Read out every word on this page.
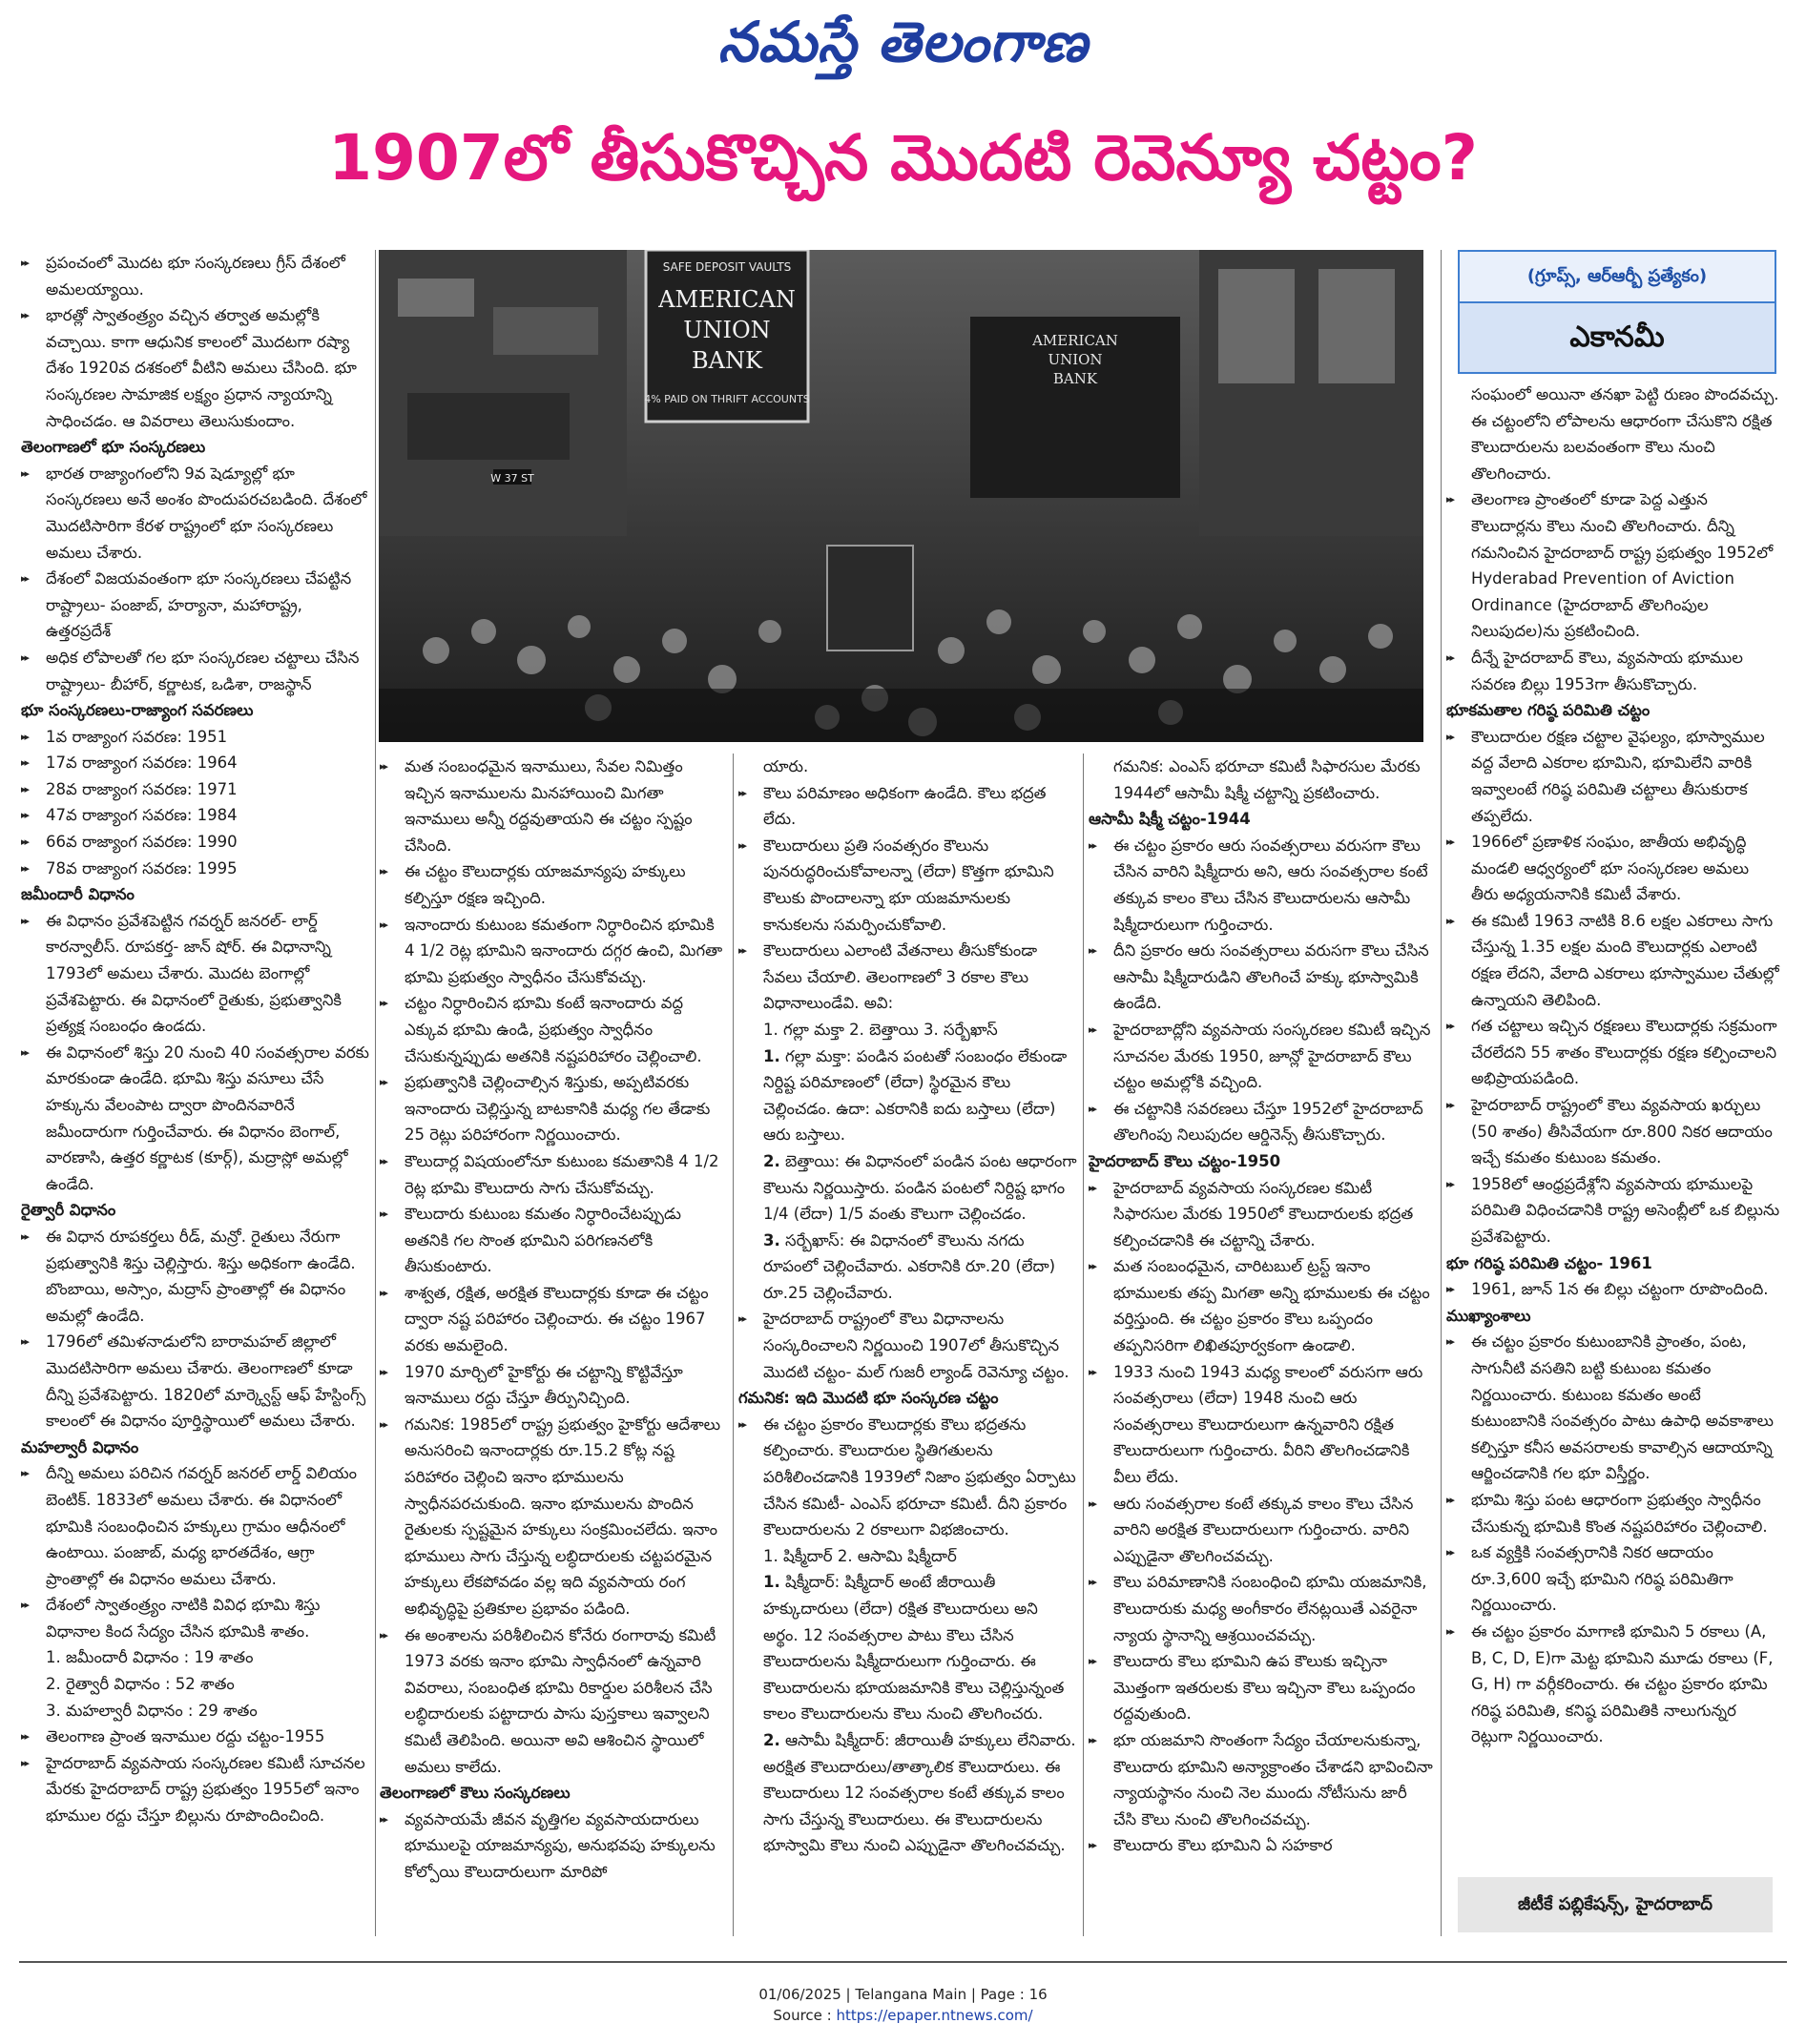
నమస్తే తెలంగాణ
1907లో తీసుకొచ్చిన మొదటి రెవెన్యూ చట్టం?
SAFE DEPOSIT VAULTS
AMERICAN
UNION
BANK
4% PAID ON THRIFT ACCOUNTS
AMERICAN
UNION
BANK
W 37 ST
(గ్రూప్స్, ఆర్ఆర్బీ ప్రత్యేకం)
ఎకానమీ

▸▸ ప్రపంచంలో మొదట భూ సంస్కరణలు గ్రీస్ దేశంలో అమలయ్యాయి.

▸▸ భారత్లో స్వాతంత్ర్యం వచ్చిన తర్వాత అమల్లోకి వచ్చాయి. కాగా ఆధునిక కాలంలో మొదటగా రష్యా దేశం 1920వ దశకంలో వీటిని అమలు చేసింది. భూ సంస్కరణల సామాజిక లక్ష్యం ప్రధాన న్యాయాన్ని సాధించడం. ఆ వివరాలు తెలుసుకుందాం.

తెలంగాణలో భూ సంస్కరణలు

▸▸ భారత రాజ్యాంగంలోని 9వ షెడ్యూల్లో భూ సంస్కరణలు అనే అంశం పొందుపరచబడింది. దేశంలో మొదటిసారిగా కేరళ రాష్ట్రంలో భూ సంస్కరణలు అమలు చేశారు.

▸▸ దేశంలో విజయవంతంగా భూ సంస్కరణలు చేపట్టిన రాష్ట్రాలు- పంజాబ్, హర్యానా, మహారాష్ట్ర, ఉత్తరప్రదేశ్

▸▸ అధిక లోపాలతో గల భూ సంస్కరణల చట్టాలు చేసిన రాష్ట్రాలు- బీహార్, కర్ణాటక, ఒడిశా, రాజస్థాన్

భూ సంస్కరణలు-రాజ్యాంగ సవరణలు

▸▸ 1వ రాజ్యాంగ సవరణ: 1951

▸▸ 17వ రాజ్యాంగ సవరణ: 1964

▸▸ 28వ రాజ్యాంగ సవరణ: 1971

▸▸ 47వ రాజ్యాంగ సవరణ: 1984

▸▸ 66వ రాజ్యాంగ సవరణ: 1990

▸▸ 78వ రాజ్యాంగ సవరణ: 1995

జమీందారీ విధానం

▸▸ ఈ విధానం ప్రవేశపెట్టిన గవర్నర్ జనరల్- లార్డ్ కారన్వాలీస్. రూపకర్త- జాన్ షోర్. ఈ విధానాన్ని 1793లో అమలు చేశారు. మొదట బెంగాల్లో ప్రవేశపెట్టారు. ఈ విధానంలో రైతుకు, ప్రభుత్వానికి ప్రత్యక్ష సంబంధం ఉండదు.

▸▸ ఈ విధానంలో శిస్తు 20 నుంచి 40 సంవత్సరాల వరకు మారకుండా ఉండేది. భూమి శిస్తు వసూలు చేసే హక్కును వేలంపాట ద్వారా పొందినవారినే జమీందారుగా గుర్తించేవారు. ఈ విధానం బెంగాల్, వారణాసి, ఉత్తర కర్ణాటక (కూర్గ్), మద్రాస్లో అమల్లో ఉండేది.

రైత్వారీ విధానం

▸▸ ఈ విధాన రూపకర్తలు రీడ్, మన్రో. రైతులు నేరుగా ప్రభుత్వానికి శిస్తు చెల్లిస్తారు. శిస్తు అధికంగా ఉండేది. బొంబాయి, అస్సాం, మద్రాస్ ప్రాంతాల్లో ఈ విధానం అమల్లో ఉండేది.

▸▸ 1796లో తమిళనాడులోని బారామహల్ జిల్లాలో మొదటిసారిగా అమలు చేశారు. తెలంగాణలో కూడా దీన్ని ప్రవేశపెట్టారు. 1820లో మార్క్వెస్ట్ ఆఫ్ హేస్టింగ్స్ కాలంలో ఈ విధానం పూర్తిస్థాయిలో అమలు చేశారు.

మహల్వారీ విధానం

▸▸ దీన్ని అమలు పరిచిన గవర్నర్ జనరల్ లార్డ్ విలియం బెంటిక్. 1833లో అమలు చేశారు. ఈ విధానంలో భూమికి సంబంధించిన హక్కులు గ్రామం ఆధీనంలో ఉంటాయి. పంజాబ్, మధ్య భారతదేశం, ఆగ్రా ప్రాంతాల్లో ఈ విధానం అమలు చేశారు.

▸▸ దేశంలో స్వాతంత్ర్యం నాటికి వివిధ భూమి శిస్తు విధానాల కింద సేద్యం చేసిన భూమికి శాతం.

1. జమీందారీ విధానం : 19 శాతం

2. రైత్వారీ విధానం : 52 శాతం

3. మహల్వారీ విధానం : 29 శాతం

▸▸ తెలంగాణ ప్రాంత ఇనాముల రద్దు చట్టం-1955

▸▸ హైదరాబాద్ వ్యవసాయ సంస్కరణల కమిటీ సూచనల మేరకు హైదరాబాద్ రాష్ట్ర ప్రభుత్వం 1955లో ఇనాం భూముల రద్దు చేస్తూ బిల్లును రూపొందించింది.

▸▸ మత సంబంధమైన ఇనాములు, సేవల నిమిత్తం ఇచ్చిన ఇనాములను మినహాయించి మిగతా ఇనాములు అన్నీ రద్దవుతాయని ఈ చట్టం స్పష్టం చేసింది.

▸▸ ఈ చట్టం కౌలుదార్లకు యాజమాన్యపు హక్కులు కల్పిస్తూ రక్షణ ఇచ్చింది.

▸▸ ఇనాందారు కుటుంబ కమతంగా నిర్ధారించిన భూమికి 4 1/2 రెట్ల భూమిని ఇనాందారు దగ్గర ఉంచి, మిగతా భూమి ప్రభుత్వం స్వాధీనం చేసుకోవచ్చు.

▸▸ చట్టం నిర్ధారించిన భూమి కంటే ఇనాందారు వద్ద ఎక్కువ భూమి ఉండి, ప్రభుత్వం స్వాధీనం చేసుకున్నప్పుడు అతనికి నష్టపరిహారం చెల్లించాలి.

▸▸ ప్రభుత్వానికి చెల్లించాల్సిన శిస్తుకు, అప్పటివరకు ఇనాందారు చెల్లిస్తున్న బాటకానికి మధ్య గల తేడాకు 25 రెట్లు పరిహారంగా నిర్ణయించారు.

▸▸ కౌలుదార్ల విషయంలోనూ కుటుంబ కమతానికి 4 1/2 రెట్ల భూమి కౌలుదారు సాగు చేసుకోవచ్చు.

▸▸ కౌలుదారు కుటుంబ కమతం నిర్ధారించేటప్పుడు అతనికి గల సొంత భూమిని పరిగణనలోకి తీసుకుంటారు.

▸▸ శాశ్వత, రక్షిత, అరక్షిత కౌలుదార్లకు కూడా ఈ చట్టం ద్వారా నష్ట పరిహారం చెల్లించారు. ఈ చట్టం 1967 వరకు అమలైంది.

▸▸ 1970 మార్చిలో హైకోర్టు ఈ చట్టాన్ని కొట్టివేస్తూ ఇనాములు రద్దు చేస్తూ తీర్పునిచ్చింది.

▸▸ గమనిక: 1985లో రాష్ట్ర ప్రభుత్వం హైకోర్టు ఆదేశాలు అనుసరించి ఇనాందార్లకు రూ.15.2 కోట్ల నష్ట పరిహారం చెల్లించి ఇనాం భూములను స్వాధీనపరచుకుంది. ఇనాం భూములను పొందిన రైతులకు స్పష్టమైన హక్కులు సంక్రమించలేదు. ఇనాం భూములు సాగు చేస్తున్న లబ్ధిదారులకు చట్టపరమైన హక్కులు లేకపోవడం వల్ల ఇది వ్యవసాయ రంగ అభివృద్ధిపై ప్రతికూల ప్రభావం పడింది.

▸▸ ఈ అంశాలను పరిశీలించిన కోనేరు రంగారావు కమిటీ 1973 వరకు ఇనాం భూమి స్వాధీనంలో ఉన్నవారి వివరాలు, సంబంధిత భూమి రికార్డుల పరిశీలన చేసి లబ్ధిదారులకు పట్టాదారు పాసు పుస్తకాలు ఇవ్వాలని కమిటీ తెలిపింది. అయినా అవి ఆశించిన స్థాయిలో అమలు కాలేదు.

తెలంగాణలో కౌలు సంస్కరణలు

▸▸ వ్యవసాయమే జీవన వృత్తిగల వ్యవసాయదారులు భూములపై యాజమాన్యపు, అనుభవపు హక్కులను కోల్పోయి కౌలుదారులుగా మారిపో

యారు.

▸▸ కౌలు పరిమాణం అధికంగా ఉండేది. కౌలు భద్రత లేదు.

▸▸ కౌలుదారులు ప్రతి సంవత్సరం కౌలును పునరుద్ధరించుకోవాలన్నా (లేదా) కొత్తగా భూమిని కౌలుకు పొందాలన్నా భూ యజమానులకు కానుకలను సమర్పించుకోవాలి.

▸▸ కౌలుదారులు ఎలాంటి వేతనాలు తీసుకోకుండా సేవలు చేయాలి. తెలంగాణలో 3 రకాల కౌలు విధానాలుండేవి. అవి:

1. గల్లా మక్తా 2. బెత్తాయి 3. సర్బేఖాస్

1. గల్లా మక్తా: పండిన పంటతో సంబంధం లేకుండా నిర్దిష్ట పరిమాణంలో (లేదా) స్థిరమైన కౌలు చెల్లించడం. ఉదా: ఎకరానికి ఐదు బస్తాలు (లేదా) ఆరు బస్తాలు.

2. బెత్తాయి: ఈ విధానంలో పండిన పంట ఆధారంగా కౌలును నిర్ణయిస్తారు. పండిన పంటలో నిర్దిష్ట భాగం 1/4 (లేదా) 1/5 వంతు కౌలుగా చెల్లించడం.

3. సర్బేఖాస్: ఈ విధానంలో కౌలును నగదు రూపంలో చెల్లించేవారు. ఎకరానికి రూ.20 (లేదా) రూ.25 చెల్లించేవారు.

▸▸ హైదరాబాద్ రాష్ట్రంలో కౌలు విధానాలను సంస్కరించాలని నిర్ణయించి 1907లో తీసుకొచ్చిన మొదటి చట్టం- మల్ గుజరీ ల్యాండ్ రెవెన్యూ చట్టం.

గమనిక: ఇది మొదటి భూ సంస్కరణ చట్టం

▸▸ ఈ చట్టం ప్రకారం కౌలుదార్లకు కౌలు భద్రతను కల్పించారు. కౌలుదారుల స్థితిగతులను పరిశీలించడానికి 1939లో నిజాం ప్రభుత్వం ఏర్పాటు చేసిన కమిటీ- ఎంఎస్ భరూచా కమిటీ. దీని ప్రకారం కౌలుదారులను 2 రకాలుగా విభజించారు.

1. షిక్మీదార్ 2. ఆసామి షిక్మీదార్

1. షిక్మీదార్: షిక్మీదార్ అంటే జీరాయితీ హక్కుదారులు (లేదా) రక్షిత కౌలుదారులు అని అర్థం. 12 సంవత్సరాల పాటు కౌలు చేసిన కౌలుదారులను షిక్మీదారులుగా గుర్తించారు. ఈ కౌలుదారులను భూయజమానికి కౌలు చెల్లిస్తున్నంత కాలం కౌలుదారులను కౌలు నుంచి తొలగించరు.

2. ఆసామీ షిక్మీదార్: జీరాయితీ హక్కులు లేనివారు. అరక్షిత కౌలుదారులు/తాత్కాలిక కౌలుదారులు. ఈ కౌలుదారులు 12 సంవత్సరాల కంటే తక్కువ కాలం సాగు చేస్తున్న కౌలుదారులు. ఈ కౌలుదారులను భూస్వామి కౌలు నుంచి ఎప్పుడైనా తొలగించవచ్చు.

గమనిక: ఎంఎస్ భరూచా కమిటీ సిఫారసుల మేరకు 1944లో ఆసామీ షిక్మీ చట్టాన్ని ప్రకటించారు.

ఆసామీ షిక్మీ చట్టం-1944

▸▸ ఈ చట్టం ప్రకారం ఆరు సంవత్సరాలు వరుసగా కౌలు చేసిన వారిని షిక్మీదారు అని, ఆరు సంవత్సరాల కంటే తక్కువ కాలం కౌలు చేసిన కౌలుదారులను ఆసామీ షిక్మీదారులుగా గుర్తించారు.

▸▸ దీని ప్రకారం ఆరు సంవత్సరాలు వరుసగా కౌలు చేసిన ఆసామీ షిక్మీదారుడిని తొలగించే హక్కు భూస్వామికి ఉండేది.

▸▸ హైదరాబాద్లోని వ్యవసాయ సంస్కరణల కమిటీ ఇచ్చిన సూచనల మేరకు 1950, జూన్లో హైదరాబాద్ కౌలు చట్టం అమల్లోకి వచ్చింది.

▸▸ ఈ చట్టానికి సవరణలు చేస్తూ 1952లో హైదరాబాద్ తొలగింపు నిలుపుదల ఆర్డినెన్స్ తీసుకొచ్చారు.

హైదరాబాద్ కౌలు చట్టం-1950

▸▸ హైదరాబాద్ వ్యవసాయ సంస్కరణల కమిటీ సిఫారసుల మేరకు 1950లో కౌలుదారులకు భద్రత కల్పించడానికి ఈ చట్టాన్ని చేశారు.

▸▸ మత సంబంధమైన, చారిటబుల్ ట్రస్ట్ ఇనాం భూములకు తప్ప మిగతా అన్ని భూములకు ఈ చట్టం వర్తిస్తుంది. ఈ చట్టం ప్రకారం కౌలు ఒప్పందం తప్పనిసరిగా లిఖితపూర్వకంగా ఉండాలి.

▸▸ 1933 నుంచి 1943 మధ్య కాలంలో వరుసగా ఆరు సంవత్సరాలు (లేదా) 1948 నుంచి ఆరు సంవత్సరాలు కౌలుదారులుగా ఉన్నవారిని రక్షిత కౌలుదారులుగా గుర్తించారు. వీరిని తొలగించడానికి వీలు లేదు.

▸▸ ఆరు సంవత్సరాల కంటే తక్కువ కాలం కౌలు చేసిన వారిని అరక్షిత కౌలుదారులుగా గుర్తించారు. వారిని ఎప్పుడైనా తొలగించవచ్చు.

▸▸ కౌలు పరిమాణానికి సంబంధించి భూమి యజమానికి, కౌలుదారుకు మధ్య అంగీకారం లేనట్లయితే ఎవరైనా న్యాయ స్థానాన్ని ఆశ్రయించవచ్చు.

▸▸ కౌలుదారు కౌలు భూమిని ఉప కౌలుకు ఇచ్చినా మొత్తంగా ఇతరులకు కౌలు ఇచ్చినా కౌలు ఒప్పందం రద్దవుతుంది.

▸▸ భూ యజమాని సొంతంగా సేద్యం చేయాలనుకున్నా, కౌలుదారు భూమిని అన్యాక్రాంతం చేశాడని భావించినా న్యాయస్థానం నుంచి నెల ముందు నోటీసును జారీ చేసి కౌలు నుంచి తొలగించవచ్చు.

▸▸ కౌలుదారు కౌలు భూమిని ఏ సహకార

సంఘంలో అయినా తనఖా పెట్టి రుణం పొందవచ్చు. ఈ చట్టంలోని లోపాలను ఆధారంగా చేసుకొని రక్షిత కౌలుదారులను బలవంతంగా కౌలు నుంచి తొలగించారు.

▸▸ తెలంగాణ ప్రాంతంలో కూడా పెద్ద ఎత్తున కౌలుదార్లను కౌలు నుంచి తొలగించారు. దీన్ని గమనించిన హైదరాబాద్ రాష్ట్ర ప్రభుత్వం 1952లో Hyderabad Prevention of Aviction Ordinance (హైదరాబాద్ తొలగింపుల నిలుపుదల)ను ప్రకటించింది.

▸▸ దీన్నే హైదరాబాద్ కౌలు, వ్యవసాయ భూముల సవరణ బిల్లు 1953గా తీసుకొచ్చారు.

భూకమతాల గరిష్ఠ పరిమితి చట్టం

▸▸ కౌలుదారుల రక్షణ చట్టాల వైఫల్యం, భూస్వాముల వద్ద వేలాది ఎకరాల భూమిని, భూమిలేని వారికి ఇవ్వాలంటే గరిష్ఠ పరిమితి చట్టాలు తీసుకురాక తప్పలేదు.

▸▸ 1966లో ప్రణాళిక సంఘం, జాతీయ అభివృద్ధి మండలి ఆధ్వర్యంలో భూ సంస్కరణల అమలు తీరు అధ్యయనానికి కమిటీ వేశారు.

▸▸ ఈ కమిటీ 1963 నాటికి 8.6 లక్షల ఎకరాలు సాగు చేస్తున్న 1.35 లక్షల మంది కౌలుదార్లకు ఎలాంటి రక్షణ లేదని, వేలాది ఎకరాలు భూస్వాముల చేతుల్లో ఉన్నాయని తెలిపింది.

▸▸ గత చట్టాలు ఇచ్చిన రక్షణలు కౌలుదార్లకు సక్రమంగా చేరలేదని 55 శాతం కౌలుదార్లకు రక్షణ కల్పించాలని అభిప్రాయపడింది.

▸▸ హైదరాబాద్ రాష్ట్రంలో కౌలు వ్యవసాయ ఖర్చులు (50 శాతం) తీసివేయగా రూ.800 నికర ఆదాయం ఇచ్చే కమతం కుటుంబ కమతం.

▸▸ 1958లో ఆంధ్రప్రదేశ్లోని వ్యవసాయ భూములపై పరిమితి విధించడానికి రాష్ట్ర అసెంబ్లీలో ఒక బిల్లును ప్రవేశపెట్టారు.

భూ గరిష్ఠ పరిమితి చట్టం- 1961

▸▸ 1961, జూన్ 1న ఈ బిల్లు చట్టంగా రూపొందింది.

ముఖ్యాంశాలు

▸▸ ఈ చట్టం ప్రకారం కుటుంబానికి ప్రాంతం, పంట, సాగునీటి వసతిని బట్టి కుటుంబ కమతం నిర్ణయించారు. కుటుంబ కమతం అంటే కుటుంబానికి సంవత్సరం పాటు ఉపాధి అవకాశాలు కల్పిస్తూ కనీస అవసరాలకు కావాల్సిన ఆదాయాన్ని ఆర్జించడానికి గల భూ విస్తీర్ణం.

▸▸ భూమి శిస్తు పంట ఆధారంగా ప్రభుత్వం స్వాధీనం చేసుకున్న భూమికి కొంత నష్టపరిహారం చెల్లించాలి.

▸▸ ఒక వ్యక్తికి సంవత్సరానికి నికర ఆదాయం రూ.3,600 ఇచ్చే భూమిని గరిష్ఠ పరిమితిగా నిర్ణయించారు.

▸▸ ఈ చట్టం ప్రకారం మాగాణి భూమిని 5 రకాలు (A, B, C, D, E)గా మెట్ట భూమిని మూడు రకాలు (F, G, H) గా వర్గీకరించారు. ఈ చట్టం ప్రకారం భూమి గరిష్ఠ పరిమితి, కనిష్ఠ పరిమితికి నాలుగున్నర రెట్లుగా నిర్ణయించారు.

జీటీకే పబ్లికేషన్స్, హైదరాబాద్
01/06/2025 | Telangana Main | Page : 16
Source : https://epaper.ntnews.com/
